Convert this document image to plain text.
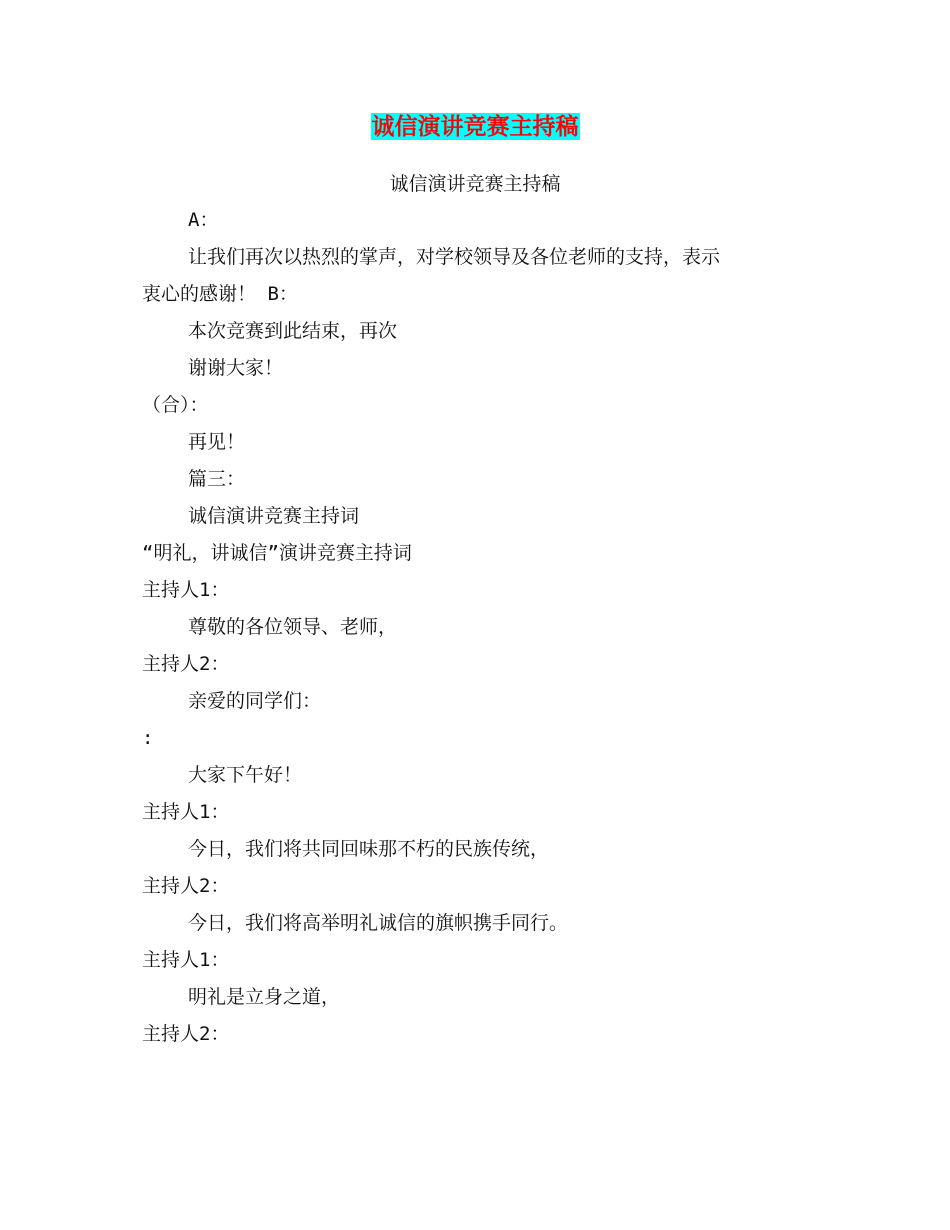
诚信演讲竞赛主持稿
诚信演讲竞赛主持稿
A：
让我们再次以热烈的掌声，对学校领导及各位老师的支持，表示
衷心的感谢！ B：
本次竞赛到此结束，再次
谢谢大家！
（合）：
再见！
篇三：
诚信演讲竞赛主持词
“明礼，讲诚信”演讲竞赛主持词
主持人1：
尊敬的各位领导、老师，
主持人2：
亲爱的同学们：
:
大家下午好！
主持人1：
今日，我们将共同回味那不朽的民族传统，
主持人2：
今日，我们将高举明礼诚信的旗帜携手同行。
主持人1：
明礼是立身之道，
主持人2：
